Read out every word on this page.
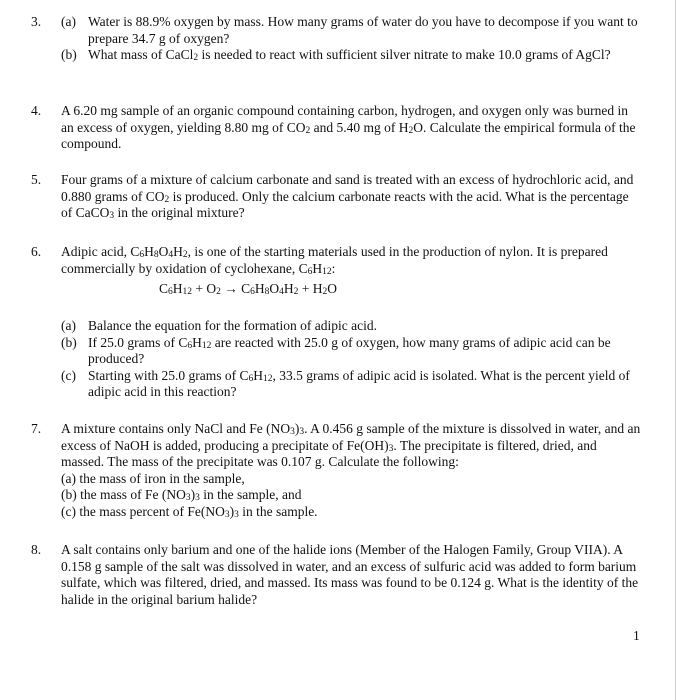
3. (a) Water is 88.9% oxygen by mass. How many grams of water do you have to decompose if you want to prepare 34.7 g of oxygen?
(b) What mass of CaCl$_2$ is needed to react with sufficient silver nitrate to make 10.0 grams of AgCl?
4. A 6.20 mg sample of an organic compound containing carbon, hydrogen, and oxygen only was burned in an excess of oxygen, yielding 8.80 mg of $CO_2$ and 5.40 mg of $H_2O$. Calculate the empirical formula of the compound.
5. Four grams of a mixture of calcium carbonate and sand is treated with an excess of hydrochloric acid, and 0.880 grams of $CO_2$ is produced. Only the calcium carbonate reacts with the acid. What is the percentage of CaCO$_3$ in the original mixture?
6. Adipic acid, $C_6H_8O_4H_2$, is one of the starting materials used in the production of nylon. It is prepared commercially by oxidation of cyclohexane, $C_6H_{12}$:
$C_6H_{12} + O_2 \to C_6H_8O_4H_2 + H_2O$
(a) Balance the equation for the formation of adipic acid.
(b) If 25.0 grams of $C_6H_{12}$ are reacted with 25.0 g of oxygen, how many grams of adipic acid can be produced?
(c) Starting with 25.0 grams of $C_6H_{12}$, 33.5 grams of adipic acid is isolated. What is the percent yield of adipic acid in this reaction?
7. A mixture contains only NaCl and Fe $(NO_3)_3$. A 0.456 g sample of the mixture is dissolved in water, and an excess of NaOH is added, producing a precipitate of $Fe(OH)_3$. The precipitate is filtered, dried, and massed. The mass of the precipitate was 0.107 g. Calculate the following:
(a) the mass of iron in the sample,
(b) the mass of Fe $(NO_3)_3$ in the sample, and
(c) the mass percent of $Fe(NO_3)_3$ in the sample.
8. A salt contains only barium and one of the halide ions (Member of the Halogen Family, Group VIIA). A 0.158 g sample of the salt was dissolved in water, and an excess of sulfuric acid was added to form barium sulfate, which was filtered, dried, and massed. Its mass was found to be 0.124 g. What is the identity of the halide in the original barium halide?
1
